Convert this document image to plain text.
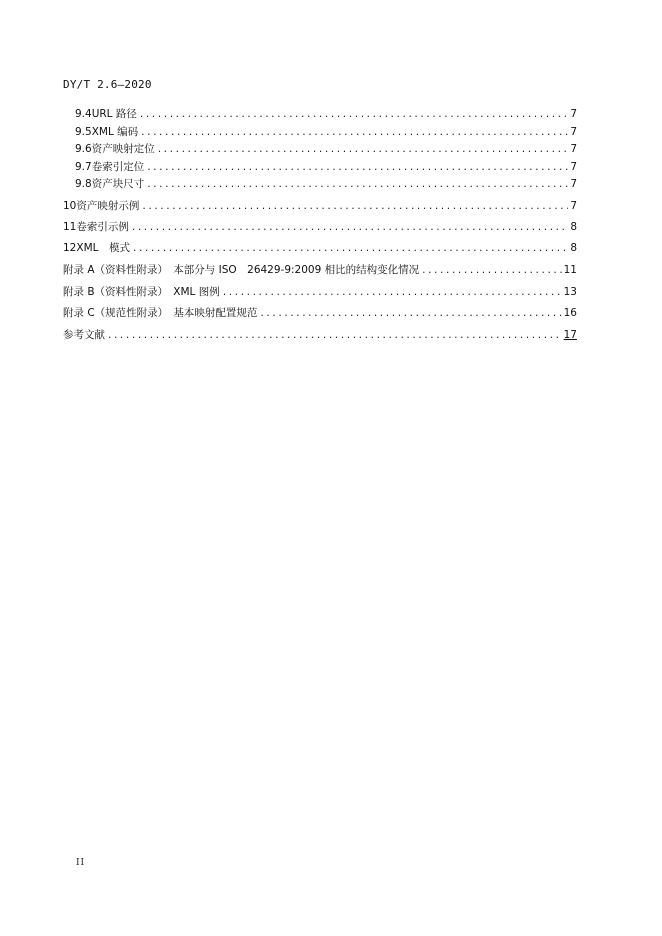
DY/T 2.6—2020
9.4 URL 路径 .....	7
9.5 XML 编码 .....	7
9.6 资产映射定位 .....	7
9.7 卷索引定位 .....	7
9.8 资产块尺寸 .....	7
10 资产映射示例 .....	7
11 卷索引示例 .....	8
12 XML　模式 .....	8
附录 A（资料性附录）　本部分与 ISO　26429-9:2009 相比的结构变化情况 .....	11
附录 B（资料性附录）　XML 图例 .....	13
附录 C（规范性附录）　基本映射配置规范 .....	16
参考文献 .....	17
II
